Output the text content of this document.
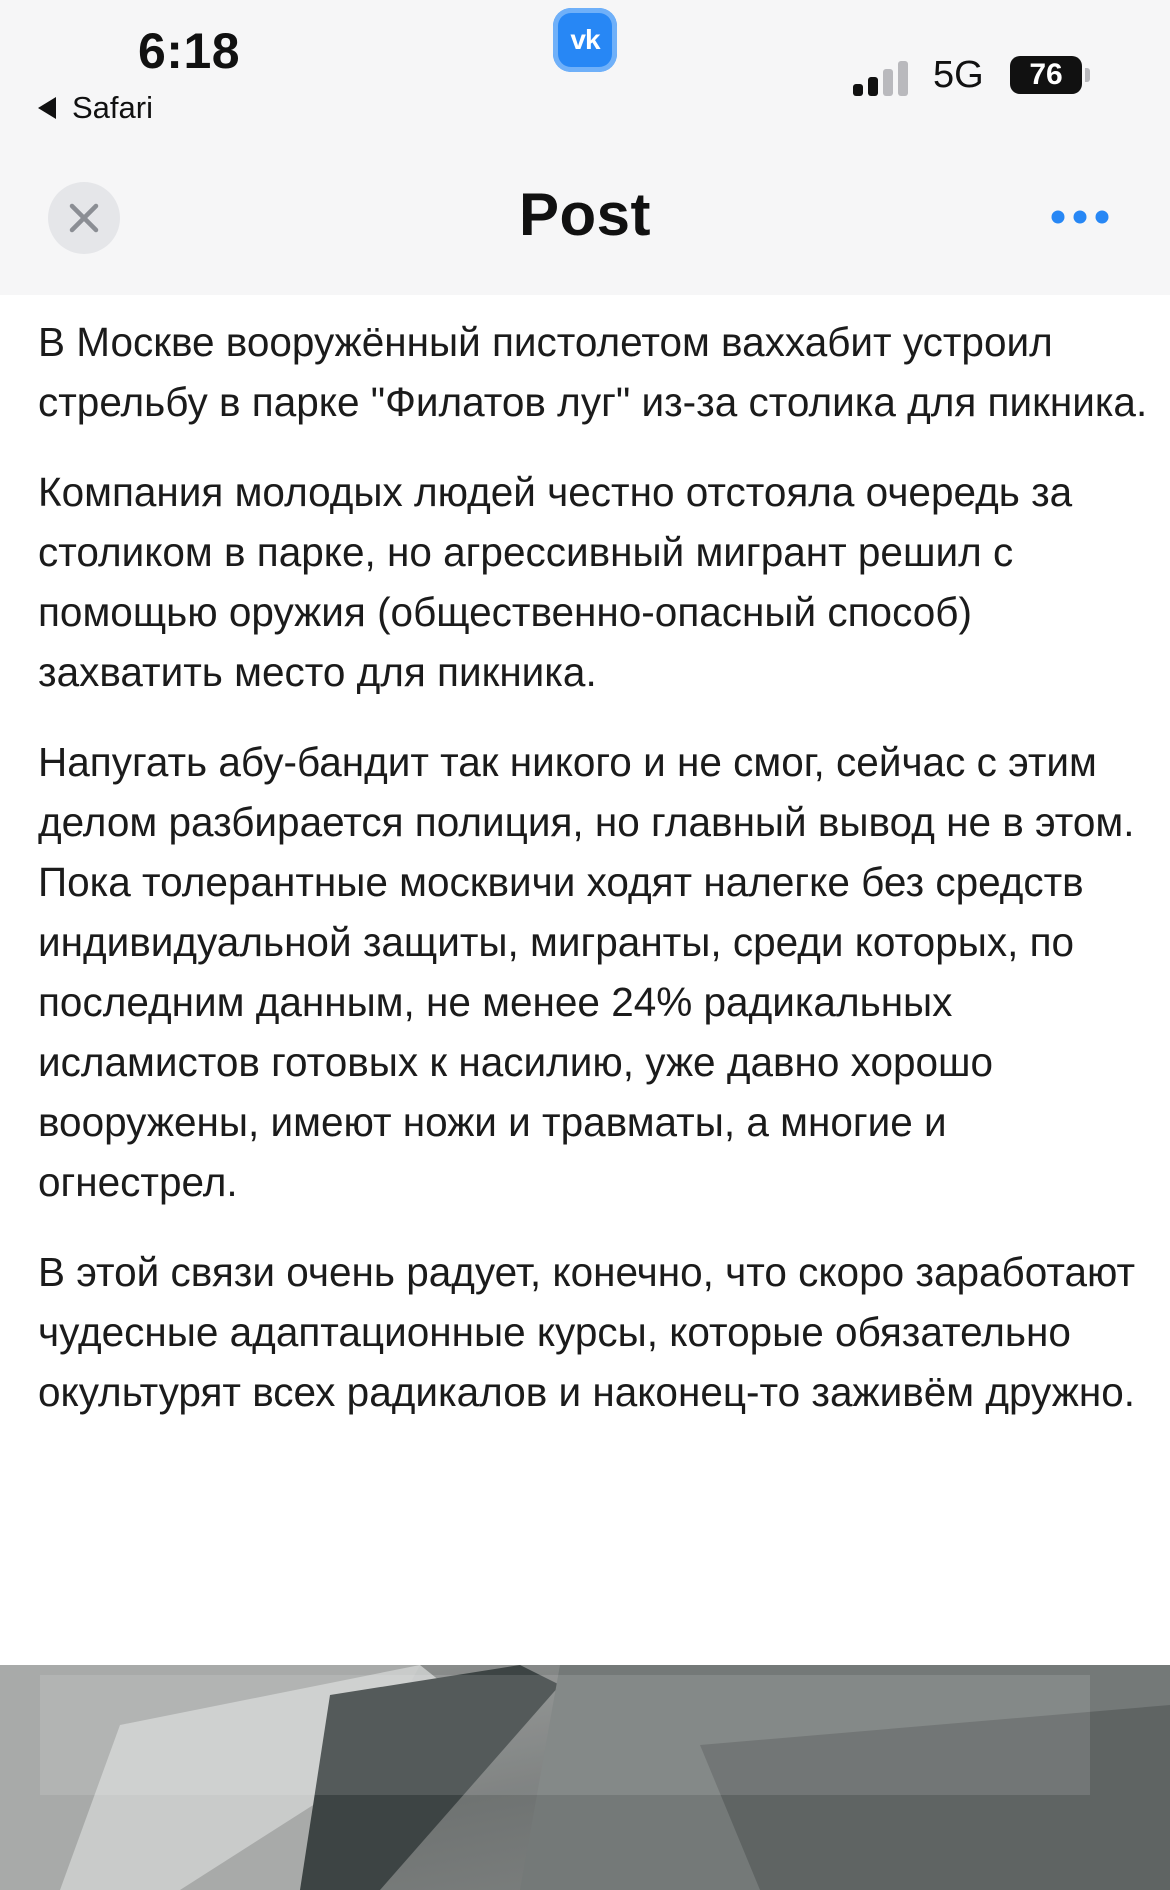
6:18
Safari
vk
5G 76
Post

В Москве вооружённый пистолетом ваххабит устроил стрельбу в парке "Филатов луг" из-за столика для пикника.

Компания молодых людей честно отстояла очередь за столиком в парке, но агрессивный мигрант решил с помощью оружия (общественно-опасный способ) захватить место для пикника.

Напугать абу-бандит так никого и не смог, сейчас с этим делом разбирается полиция, но главный вывод не в этом. Пока толерантные москвичи ходят налегке без средств индивидуальной защиты, мигранты, среди которых, по последним данным, не менее 24% радикальных исламистов готовых к насилию, уже давно хорошо вооружены, имеют ножи и травматы, а многие и огнестрел.

В этой связи очень радует, конечно, что скоро заработают чудесные адаптационные курсы, которые обязательно окультурят всех радикалов и наконец-то заживём дружно.
